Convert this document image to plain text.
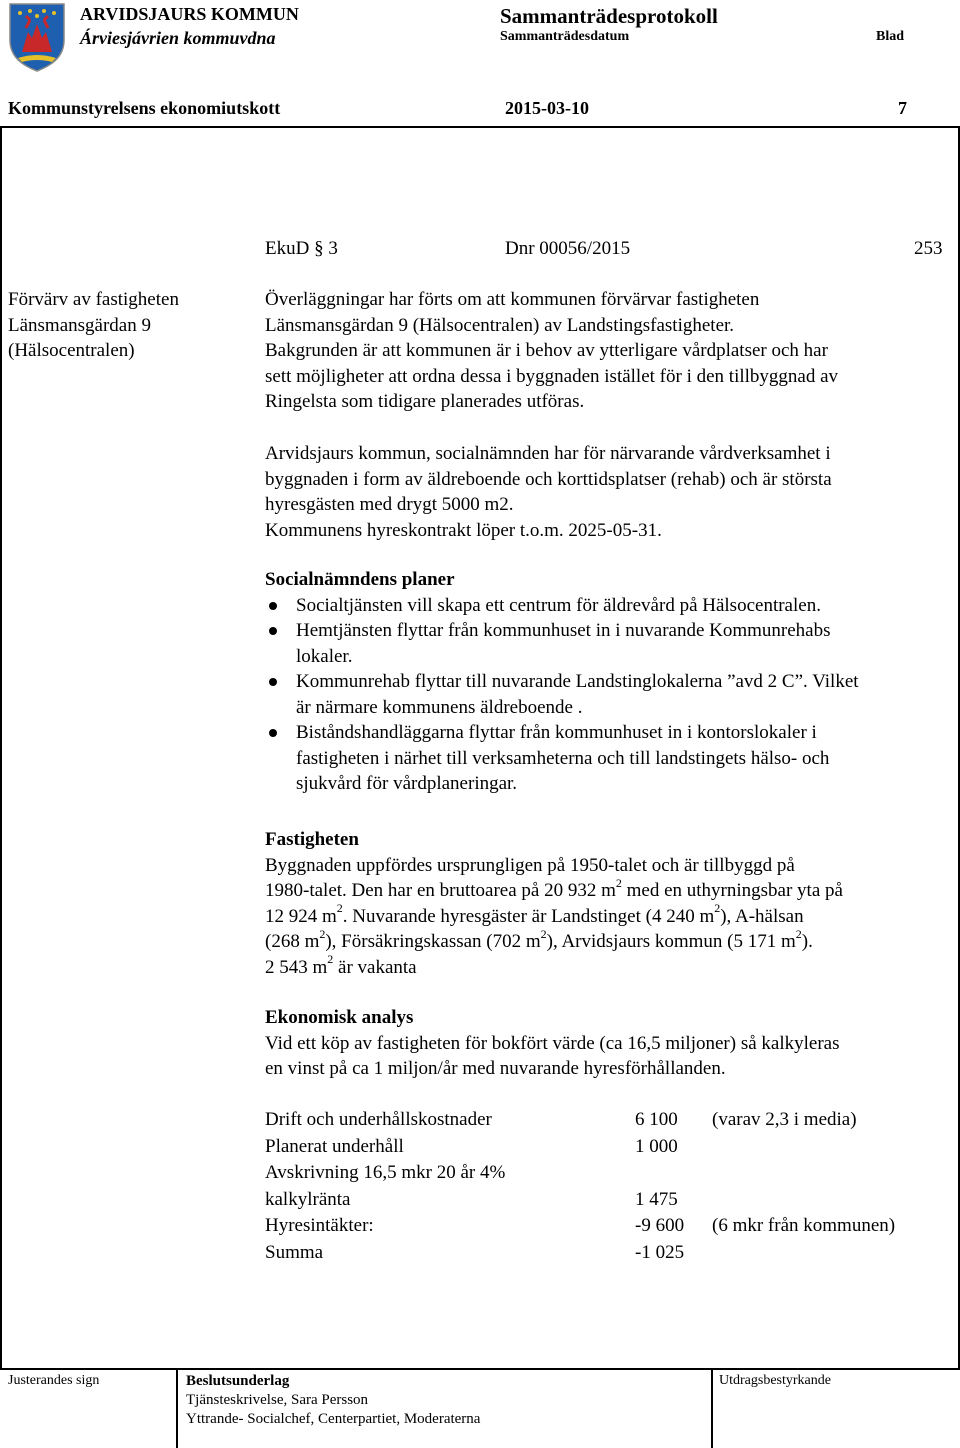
ARVIDSJAURS KOMMUN
Árviesjávrien kommuvdna
Sammanträdesprotokoll
Sammanträdesdatum	Blad
Kommunstyrelsens ekonomiutskott	2015-03-10	7
EkuD § 3	Dnr 00056/2015	253
Förvärv av fastigheten
Länsmansgärdan 9
(Hälsocentralen)

Överläggningar har förts om att kommunen förvärvar fastigheten

Länsmansgärdan 9 (Hälsocentralen) av Landstingsfastigheter.

Bakgrunden är att kommunen är i behov av ytterligare vårdplatser och har

sett möjligheter att ordna dessa i byggnaden istället för i den tillbyggnad av

Ringelsta som tidigare planerades utföras.

Arvidsjaurs kommun, socialnämnden har för närvarande vårdverksamhet i

byggnaden i form av äldreboende och korttidsplatser (rehab) och är största

hyresgästen med drygt 5000 m2.

Kommunens hyreskontrakt löper t.o.m. 2025-05-31.

Socialnämndens planer

Socialtjänsten vill skapa ett centrum för äldrevård på Hälsocentralen.
Hemtjänsten flyttar från kommunhuset in i nuvarande Kommunrehabs
lokaler.
Kommunrehab flyttar till nuvarande Landstinglokalerna ”avd 2 C”. Vilket
är närmare kommunens äldreboende .
Biståndshandläggarna flyttar från kommunhuset in i kontorslokaler i
fastigheten i närhet till verksamheterna och till landstingets hälso- och
sjukvård för vårdplaneringar.

Fastigheten

Byggnaden uppfördes ursprungligen på 1950-talet och är tillbyggd på

1980-talet. Den har en bruttoarea på 20 932 $m^2$ med en uthyrningsbar yta på

12 924 $m^2$. Nuvarande hyresgäster är Landstinget (4 240 $m^2$), A-hälsan

(268 $m^2$), Försäkringskassan (702 $m^2$), Arvidsjaurs kommun (5 171 $m^2$).

2 543 $m^2$ är vakanta

Ekonomisk analys

Vid ett köp av fastigheten för bokfört värde (ca 16,5 miljoner) så kalkyleras

en vinst på ca 1 miljon/år med nuvarande hyresförhållanden.

Drift och underhållskostnader	6 100	(varav 2,3 i media)
Planerat underhåll	1 000	
Avskrivning 16,5 mkr 20 år 4%		
kalkylränta	1 475	
Hyresintäkter:	-9 600	(6 mkr från kommunen)
Summa	-1 025	
Justerandes sign	Beslutsunderlag
Tjänsteskrivelse, Sara Persson
Yttrande- Socialchef, Centerpartiet, Moderaterna
Utdragsbestyrkande
